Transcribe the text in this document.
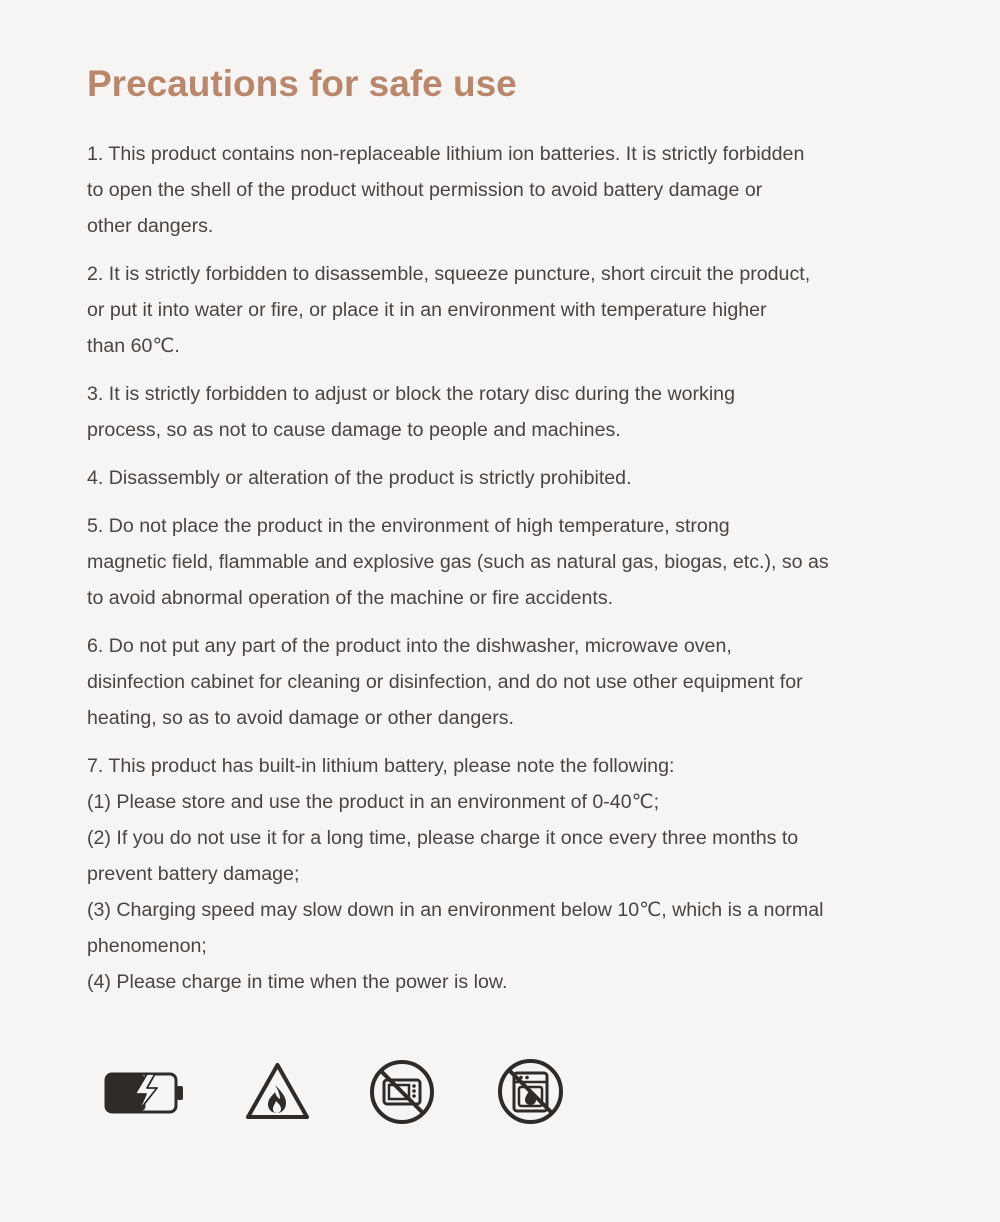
Precautions for safe use

1. This product contains non-replaceable lithium ion batteries. It is strictly forbidden
to open the shell of the product without permission to avoid battery damage or
other dangers.

2. It is strictly forbidden to disassemble, squeeze puncture, short circuit the product,
or put it into water or fire, or place it in an environment with temperature higher
than 60℃.

3. It is strictly forbidden to adjust or block the rotary disc during the working
process, so as not to cause damage to people and machines.

4. Disassembly or alteration of the product is strictly prohibited.

5. Do not place the product in the environment of high temperature, strong
magnetic field, flammable and explosive gas (such as natural gas, biogas, etc.), so as
to avoid abnormal operation of the machine or fire accidents.

6. Do not put any part of the product into the dishwasher, microwave oven,
disinfection cabinet for cleaning or disinfection, and do not use other equipment for
heating, so as to avoid damage or other dangers.

7. This product has built-in lithium battery, please note the following:
(1) Please store and use the product in an environment of 0-40℃;
(2) If you do not use it for a long time, please charge it once every three months to
prevent battery damage;
(3) Charging speed may slow down in an environment below 10℃, which is a normal
phenomenon;
(4) Please charge in time when the power is low.
